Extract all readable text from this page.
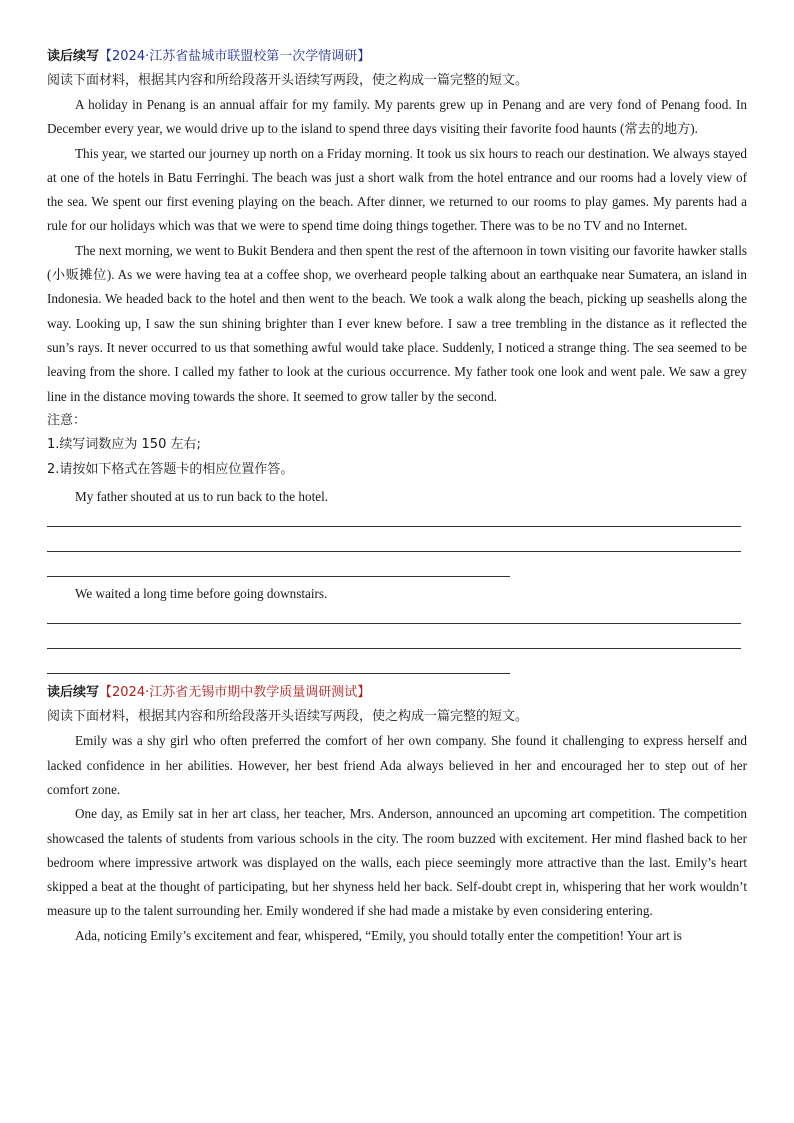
读后续写【2024·江苏省盐城市联盟校第一次学情调研】

阅读下面材料，根据其内容和所给段落开头语续写两段，使之构成一篇完整的短文。

A holiday in Penang is an annual affair for my family. My parents grew up in Penang and are very fond of Penang food. In December every year, we would drive up to the island to spend three days visiting their favorite food haunts (常去的地方).

This year, we started our journey up north on a Friday morning. It took us six hours to reach our destination. We always stayed at one of the hotels in Batu Ferringhi. The beach was just a short walk from the hotel entrance and our rooms had a lovely view of the sea. We spent our first evening playing on the beach. After dinner, we returned to our rooms to play games. My parents had a rule for our holidays which was that we were to spend time doing things together. There was to be no TV and no Internet.

The next morning, we went to Bukit Bendera and then spent the rest of the afternoon in town visiting our favorite hawker stalls (小贩摊位). As we were having tea at a coffee shop, we overheard people talking about an earthquake near Sumatera, an island in Indonesia. We headed back to the hotel and then went to the beach. We took a walk along the beach, picking up seashells along the way. Looking up, I saw the sun shining brighter than I ever knew before. I saw a tree trembling in the distance as it reflected the sun’s rays. It never occurred to us that something awful would take place. Suddenly, I noticed a strange thing. The sea seemed to be leaving from the shore. I called my father to look at the curious occurrence. My father took one look and went pale. We saw a grey line in the distance moving towards the shore. It seemed to grow taller by the second.

注意：

1.续写词数应为 150 左右;

2.请按如下格式在答题卡的相应位置作答。

My father shouted at us to run back to the hotel.

We waited a long time before going downstairs.

读后续写【2024·江苏省无锡市期中教学质量调研测试】

阅读下面材料，根据其内容和所给段落开头语续写两段，使之构成一篇完整的短文。

Emily was a shy girl who often preferred the comfort of her own company. She found it challenging to express herself and lacked confidence in her abilities. However, her best friend Ada always believed in her and encouraged her to step out of her comfort zone.

One day, as Emily sat in her art class, her teacher, Mrs. Anderson, announced an upcoming art competition. The competition showcased the talents of students from various schools in the city. The room buzzed with excitement. Her mind flashed back to her bedroom where impressive artwork was displayed on the walls, each piece seemingly more attractive than the last. Emily’s heart skipped a beat at the thought of participating, but her shyness held her back. Self-doubt crept in, whispering that her work wouldn’t measure up to the talent surrounding her. Emily wondered if she had made a mistake by even considering entering.

Ada, noticing Emily’s excitement and fear, whispered, “Emily, you should totally enter the competition! Your art is
